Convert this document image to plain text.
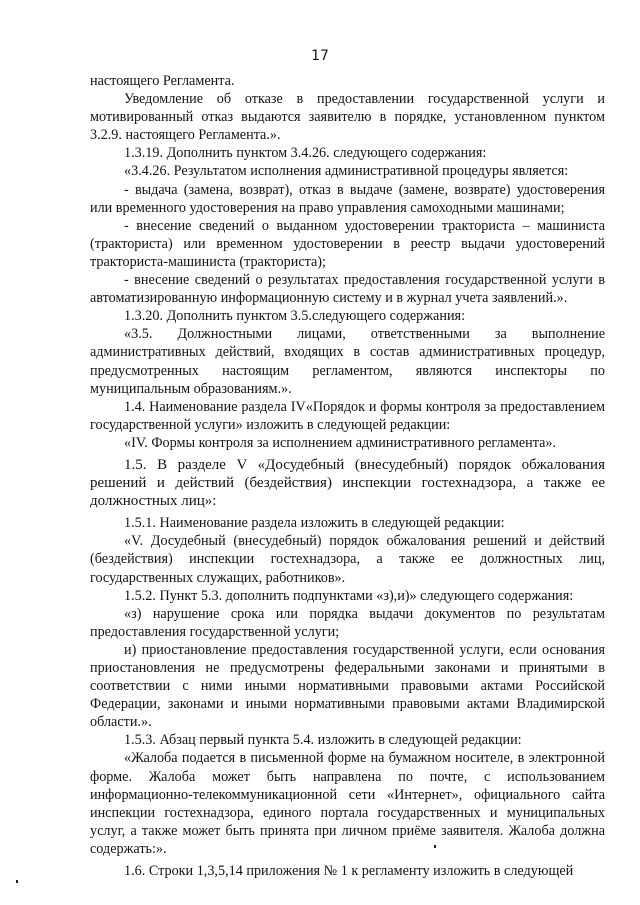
17

настоящего Регламента.

Уведомление об отказе в предоставлении государственной услуги и мотивированный отказ выдаются заявителю в порядке, установленном пунктом 3.2.9. настоящего Регламента.».

1.3.19. Дополнить пунктом 3.4.26. следующего содержания:

«3.4.26. Результатом исполнения административной процедуры является:

- выдача (замена, возврат), отказ в выдаче (замене, возврате) удостоверения или временного удостоверения на право управления самоходными машинами;

- внесение сведений о выданном удостоверении тракториста – машиниста (тракториста) или временном удостоверении в реестр выдачи удостоверений тракториста-машиниста (тракториста);

- внесение сведений о результатах предоставления государственной услуги в автоматизированную информационную систему и в журнал учета заявлений.».

1.3.20. Дополнить пунктом 3.5.следующего содержания:

«3.5. Должностными лицами, ответственными за выполнение административных действий, входящих в состав административных процедур, предусмотренных настоящим регламентом, являются инспекторы по муниципальным образованиям.».

1.4. Наименование раздела IV«Порядок и формы контроля за предоставлением государственной услуги» изложить в следующей редакции:

«IV. Формы контроля за исполнением административного регламента».

1.5. В разделе V «Досудебный (внесудебный) порядок обжалования решений и действий (бездействия) инспекции гостехнадзора, а также ее должностных лиц»:

1.5.1. Наименование раздела изложить в следующей редакции:

«V. Досудебный (внесудебный) порядок обжалования решений и действий (бездействия) инспекции гостехнадзора, а также ее должностных лиц, государственных служащих, работников».

1.5.2. Пункт 5.3. дополнить подпунктами «з),и)» следующего содержания:

«з) нарушение срока или порядка выдачи документов по результатам предоставления государственной услуги;

и) приостановление предоставления государственной услуги, если основания приостановления не предусмотрены федеральными законами и принятыми в соответствии с ними иными нормативными правовыми актами Российской Федерации, законами и иными нормативными правовыми актами Владимирской области.».

1.5.3. Абзац первый пункта 5.4. изложить в следующей редакции:

«Жалоба подается в письменной форме на бумажном носителе, в электронной форме. Жалоба может быть направлена по почте, с использованием информационно-телекоммуникационной сети «Интернет», официального сайта инспекции гостехнадзора, единого портала государственных и муниципальных услуг, а также может быть принята при личном приёме заявителя. Жалоба должна содержать:».

1.6. Строки 1,3,5,14 приложения № 1 к регламенту изложить в следующей
